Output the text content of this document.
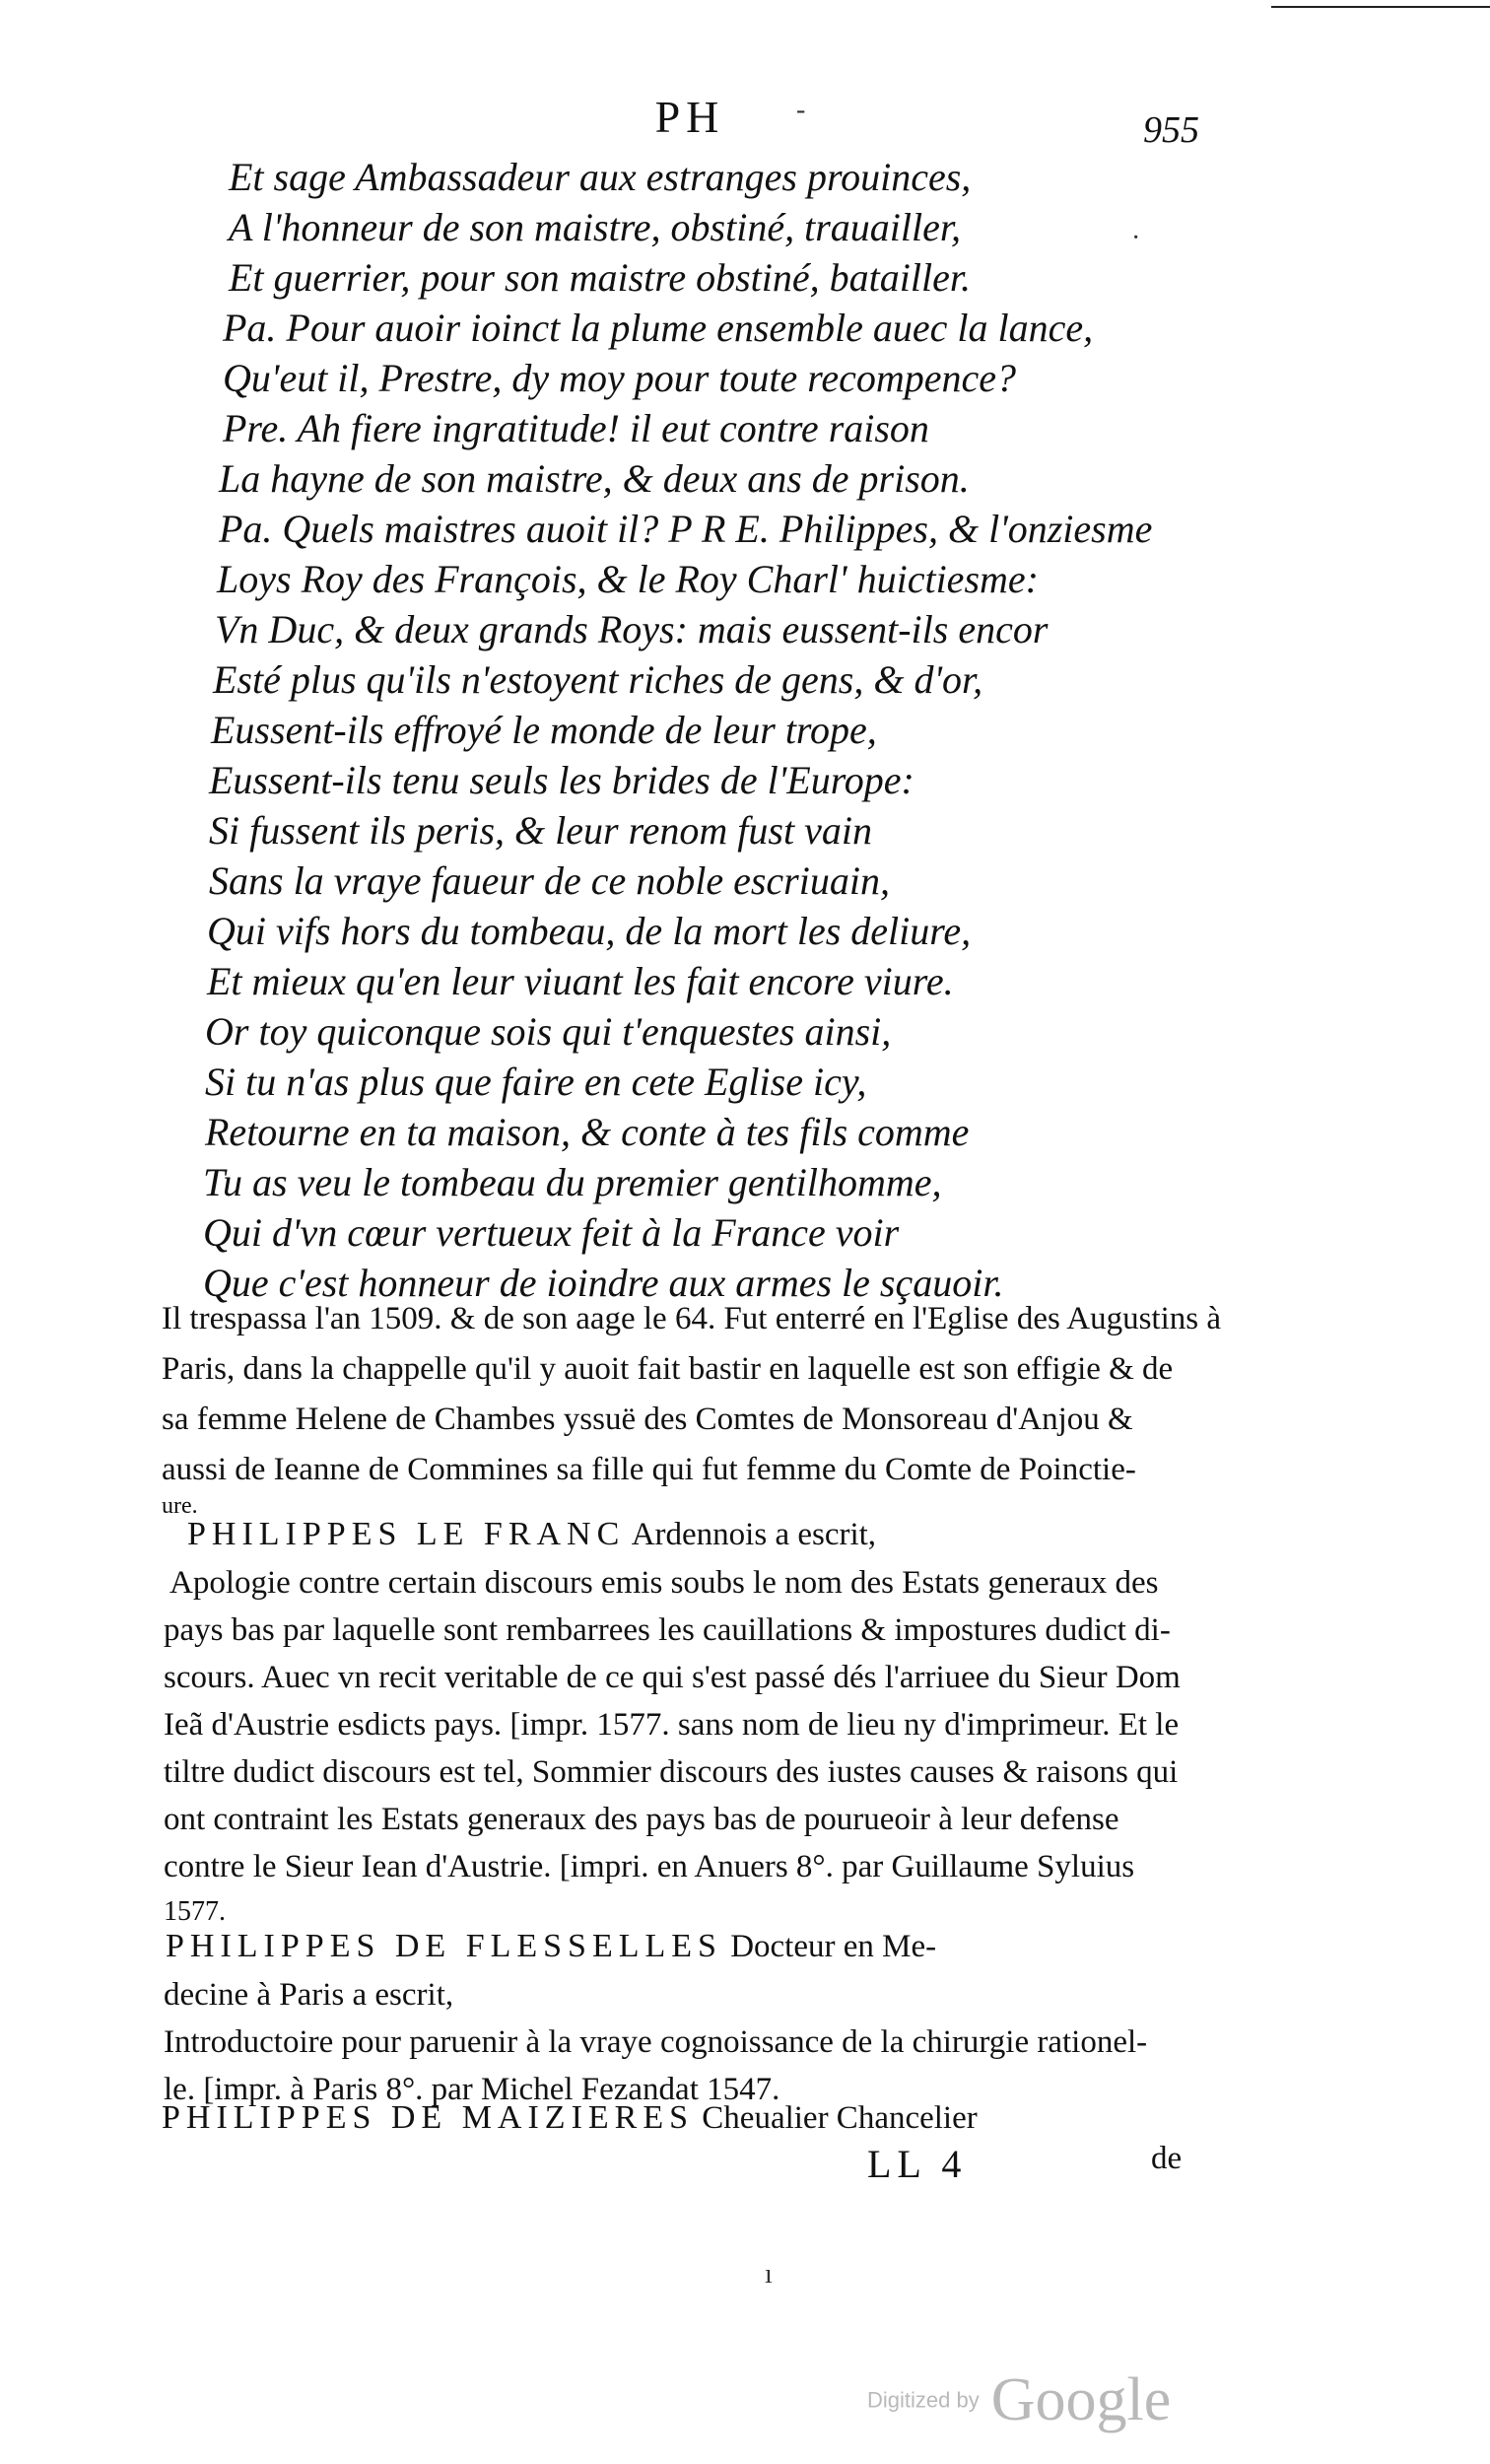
PH	955
-
·
Et sage Ambassadeur aux estranges prouinces,
A l'honneur de son maistre, obstiné, trauailler,
Et guerrier, pour son maistre obstiné, batailler.
Pa. Pour auoir ioinct la plume ensemble auec la lance,
Qu'eut il, Prestre, dy moy pour toute recompence?
Pre. Ah fiere ingratitude! il eut contre raison
La hayne de son maistre, & deux ans de prison.
Pa. Quels maistres auoit il? P R E. Philippes, & l'onziesme
Loys Roy des François, & le Roy Charl' huictiesme:
Vn Duc, & deux grands Roys: mais eussent-ils encor
Esté plus qu'ils n'estoyent riches de gens, & d'or,
Eussent-ils effroyé le monde de leur trope,
Eussent-ils tenu seuls les brides de l'Europe:
Si fussent ils peris, & leur renom fust vain
Sans la vraye faueur de ce noble escriuain,
Qui vifs hors du tombeau, de la mort les deliure,
Et mieux qu'en leur viuant les fait encore viure.
Or toy quiconque sois qui t'enquestes ainsi,
Si tu n'as plus que faire en cete Eglise icy,
Retourne en ta maison, & conte à tes fils comme
Tu as veu le tombeau du premier gentilhomme,
Qui d'vn cœur vertueux feit à la France voir
Que c'est honneur de ioindre aux armes le sçauoir.
Il trespassa l'an 1509. & de son aage le 64. Fut enterré en l'Eglise des Augustins à
Paris, dans la chappelle qu'il y auoit fait bastir en laquelle est son effigie & de
sa femme Helene de Chambes yssuë des Comtes de Monsoreau d'Anjou &
aussi de Ieanne de Commines sa fille qui fut femme du Comte de Poinctie-
ure.
PHILIPPES LE FRANC Ardennois a escrit,
Apologie contre certain discours emis soubs le nom des Estats generaux des
pays bas par laquelle sont rembarrees les cauillations & impostures dudict di-
scours. Auec vn recit veritable de ce qui s'est passé dés l'arriuee du Sieur Dom
Ieã d'Austrie esdicts pays. [impr. 1577. sans nom de lieu ny d'imprimeur. Et le
tiltre dudict discours est tel, Sommier discours des iustes causes & raisons qui
ont contraint les Estats generaux des pays bas de pourueoir à leur defense
contre le Sieur Iean d'Austrie. [impri. en Anuers 8°. par Guillaume Syluius
1577.
PHILIPPES DE FLESSELLES Docteur en Me-
decine à Paris a escrit,
Introductoire pour paruenir à la vraye cognoissance de la chirurgie rationel-
le. [impr. à Paris 8°. par Michel Fezandat 1547.
PHILIPPES DE MAIZIERES Cheualier Chancelier
LL 4	de
ı
Digitized by Google
